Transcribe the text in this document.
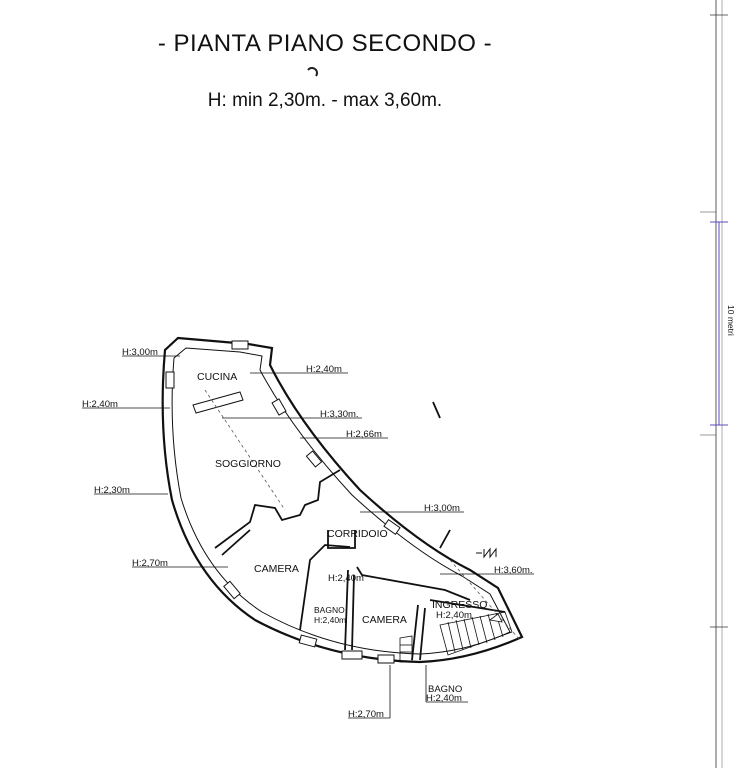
- PIANTA PIANO SECONDO -
H: min 2,30m. - max 3,60m.
10 metri
CUCINA
SOGGIORNO
CORRIDOIO
CAMERA
H:2,40m
CAMERA
BAGNO
H:2,40m
INGRESSO
H:2,40m
BAGNO
H:2,40m
H:3,00m
H:2,40m
H:2,40m
H:3,30m.
H:2,66m
H:2,30m
H:3,00m
H:2,70m
H:3,60m.
H:2,70m
